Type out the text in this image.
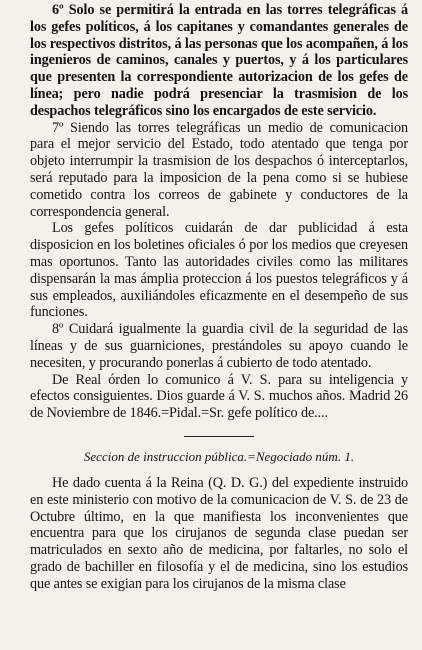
6º Solo se permitirá la entrada en las torres telegráficas á los gefes políticos, á los capitanes y comandantes generales de los respectivos distritos, á las personas que los acompañen, á los ingenieros de caminos, canales y puertos, y á los particulares que presenten la correspondiente autorizacion de los gefes de línea; pero nadie podrá presenciar la trasmision de los despachos telegráficos sino los encargados de este servicio.

7º Siendo las torres telegráficas un medio de comunicacion para el mejor servicio del Estado, todo atentado que tenga por objeto interrumpir la trasmision de los despachos ó interceptarlos, será reputado para la imposicion de la pena como si se hubiese cometido contra los correos de gabinete y conductores de la correspondencia general.

Los gefes políticos cuidarán de dar publicidad á esta disposicion en los boletines oficiales ó por los medios que creyesen mas oportunos. Tanto las autoridades civiles como las militares dispensarán la mas ámplia proteccion á los puestos telegráficos y á sus empleados, auxiliándoles eficazmente en el desempeño de sus funciones.

8º Cuidará igualmente la guardia civil de la seguridad de las líneas y de sus guarniciones, prestándoles su apoyo cuando le necesiten, y procurando ponerlas á cubierto de todo atentado.

De Real órden lo comunico á V. S. para su inteligencia y efectos consiguientes. Dios guarde á V. S. muchos años. Madrid 26 de Noviembre de 1846.=Pidal.=Sr. gefe político de....

Seccion de instruccion pública.=Negociado núm. 1.

He dado cuenta á la Reina (Q. D. G.) del expediente instruido en este ministerio con motivo de la comunicacion de V. S. de 23 de Octubre último, en la que manifiesta los inconvenientes que encuentra para que los cirujanos de segunda clase puedan ser matriculados en sexto año de medicina, por faltarles, no solo el grado de bachiller en filosofía y el de medicina, sino los estudios que antes se exigian para los cirujanos de la misma clase
